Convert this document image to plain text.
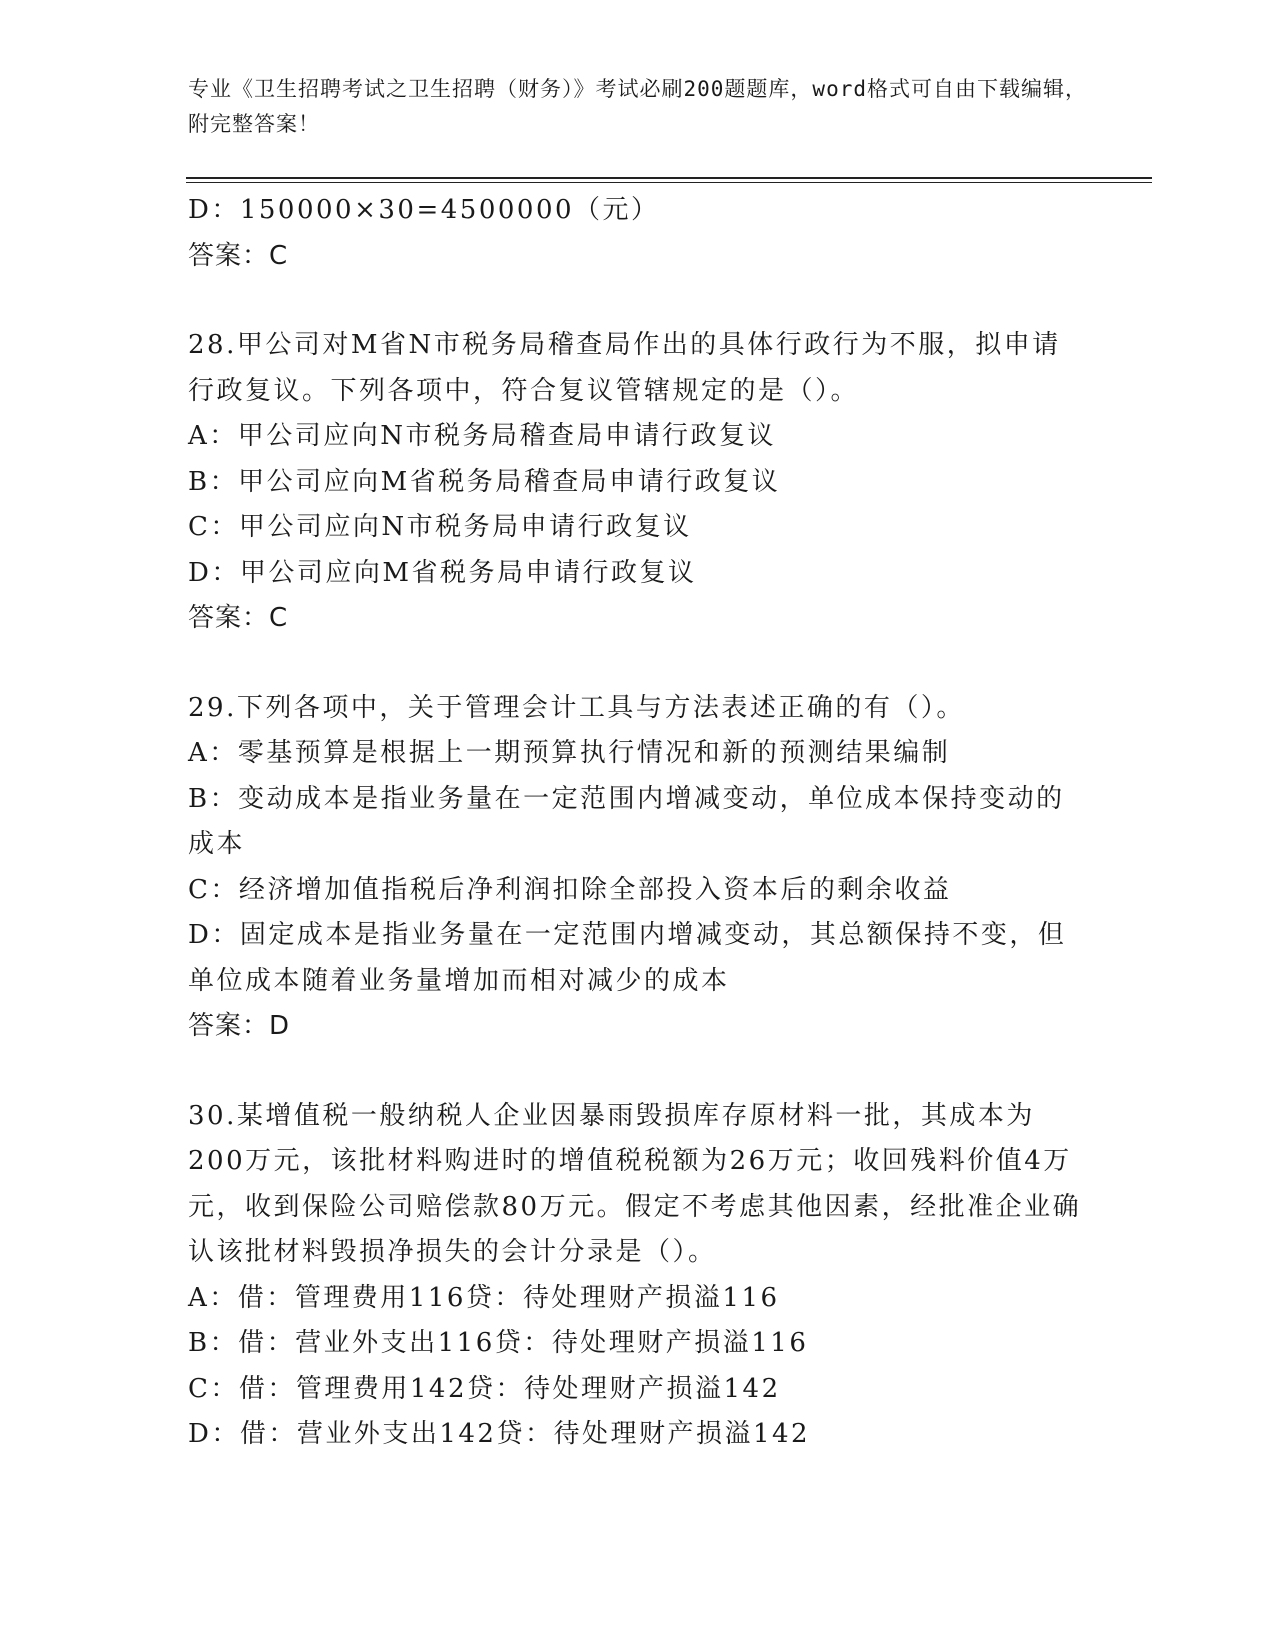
专业《卫生招聘考试之卫生招聘（财务）》考试必刷200题题库，word格式可自由下载编辑，附完整答案！
D：150000×30=4500000（元）
答案：C
28.甲公司对M省N市税务局稽查局作出的具体行政行为不服，拟申请行政复议。下列各项中，符合复议管辖规定的是（）。
A：甲公司应向N市税务局稽查局申请行政复议
B：甲公司应向M省税务局稽查局申请行政复议
C：甲公司应向N市税务局申请行政复议
D：甲公司应向M省税务局申请行政复议
答案：C
29.下列各项中，关于管理会计工具与方法表述正确的有（）。
A：零基预算是根据上一期预算执行情况和新的预测结果编制
B：变动成本是指业务量在一定范围内增减变动，单位成本保持变动的成本
C：经济增加值指税后净利润扣除全部投入资本后的剩余收益
D：固定成本是指业务量在一定范围内增减变动，其总额保持不变，但单位成本随着业务量增加而相对减少的成本
答案：D
30.某增值税一般纳税人企业因暴雨毁损库存原材料一批，其成本为200万元，该批材料购进时的增值税税额为26万元；收回残料价值4万元，收到保险公司赔偿款80万元。假定不考虑其他因素，经批准企业确认该批材料毁损净损失的会计分录是（）。
A：借：管理费用116贷：待处理财产损溢116
B：借：营业外支出116贷：待处理财产损溢116
C：借：管理费用142贷：待处理财产损溢142
D：借：营业外支出142贷：待处理财产损溢142
